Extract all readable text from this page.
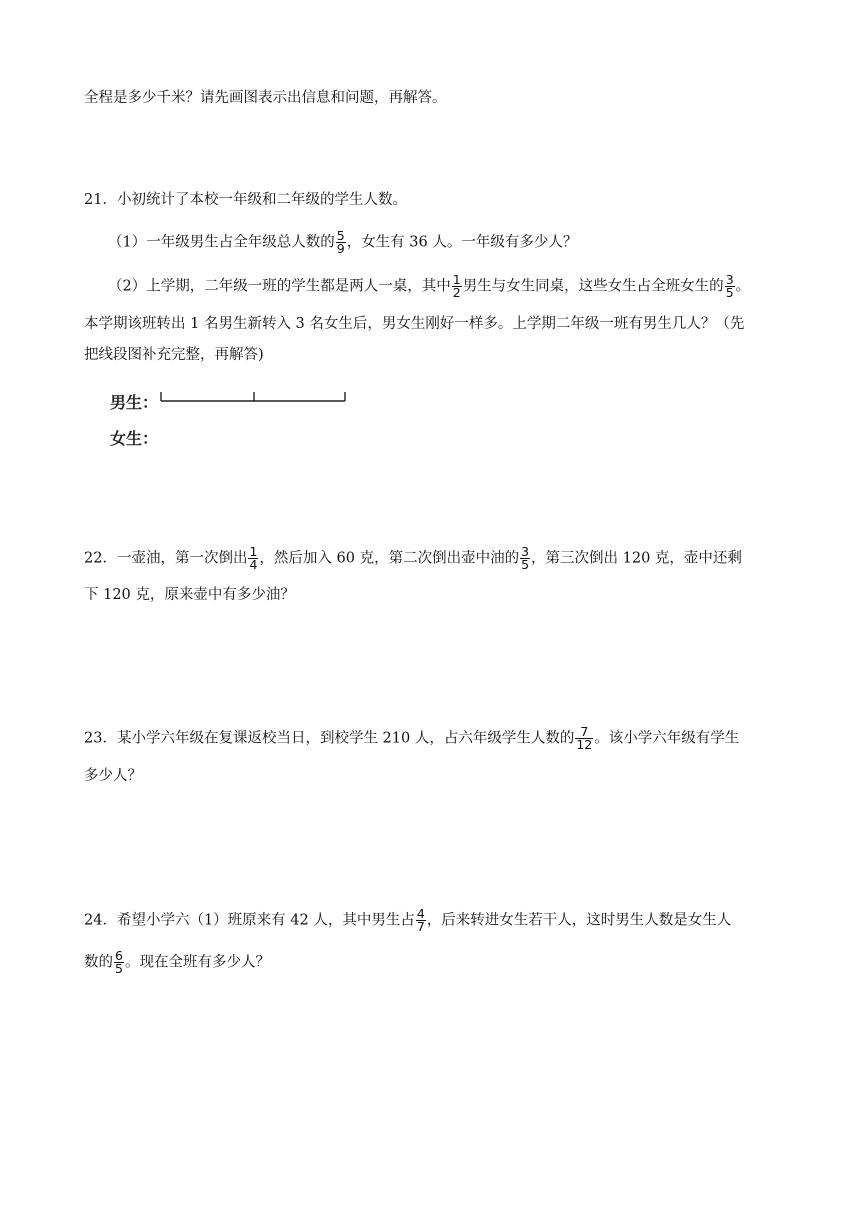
全程是多少千米？请先画图表示出信息和问题，再解答。
21．小初统计了本校一年级和二年级的学生人数。
（1）一年级男生占全年级总人数的 $\frac{5}{9}$ ，女生有 36 人。一年级有多少人？
（2）上学期，二年级一班的学生都是两人一桌，其中 $\frac{1}{2}$ 男生与女生同桌，这些女生占全班女生的 $\frac{3}{5}$ 。
本学期该班转出 1 名男生新转入 3 名女生后，男女生刚好一样多。上学期二年级一班有男生几人？（先
把线段图补充完整，再解答)
男生：
女生：
22．一壶油，第一次倒出 $\frac{1}{4}$ ，然后加入 60 克，第二次倒出壶中油的 $\frac{3}{5}$ ，第三次倒出 120 克，壶中还剩
下 120 克，原来壶中有多少油？
23．某小学六年级在复课返校当日，到校学生 210 人，占六年级学生人数的 $\frac{7}{12}$ 。该小学六年级有学生
多少人？
24．希望小学六（1）班原来有 42 人，其中男生占 $\frac{4}{7}$ ，后来转进女生若干人，这时男生人数是女生人
数的 $\frac{6}{5}$ 。现在全班有多少人？
